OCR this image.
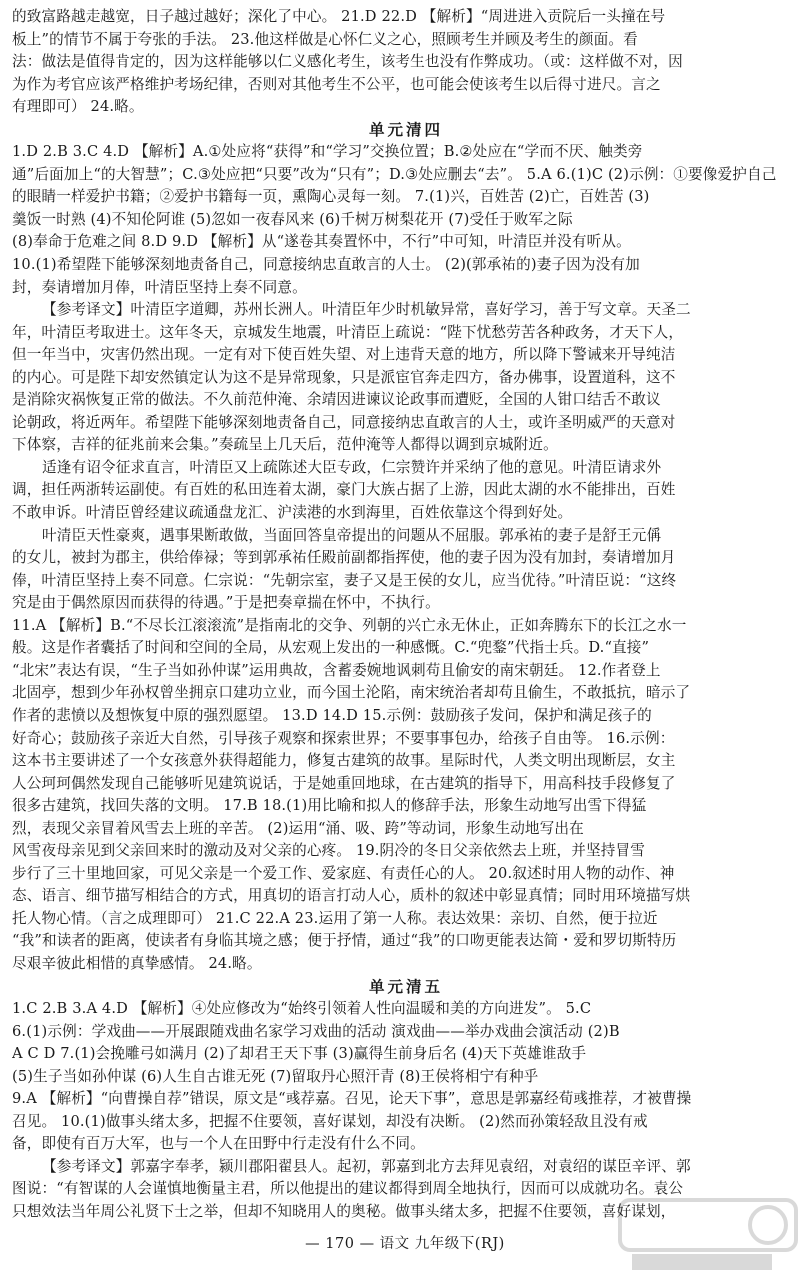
的致富路越走越宽，日子越过越好；深化了中心。 21.D 22.D 【解析】“周进进入贡院后一头撞在号
板上”的情节不属于夸张的手法。 23.他这样做是心怀仁义之心，照顾考生并顾及考生的颜面。看
法：做法是值得肯定的，因为这样能够以仁义感化考生，该考生也没有作弊成功。（或：这样做不对，因
为作为考官应该严格维护考场纪律，否则对其他考生不公平，也可能会使该考生以后得寸进尺。言之
有理即可） 24.略。
单元清四
1.D 2.B 3.C 4.D 【解析】A.①处应将“获得”和“学习”交换位置；B.②处应在“学而不厌、触类旁
通”后面加上“的大智慧”；C.③处应把“只要”改为“只有”；D.③处应删去“去”。 5.A 6.(1)C (2)示例：①要像爱护自己
的眼睛一样爱护书籍；②爱护书籍每一页，熏陶心灵每一刻。 7.(1)兴，百姓苦 (2)亡，百姓苦 (3)
羹饭一时熟 (4)不知伦阿谁 (5)忽如一夜春风来 (6)千树万树梨花开 (7)受任于败军之际
(8)奉命于危难之间 8.D 9.D 【解析】从“遂卷其奏置怀中，不行”中可知，叶清臣并没有听从。
10.(1)希望陛下能够深刻地责备自己，同意接纳忠直敢言的人士。 (2)(郭承祐的)妻子因为没有加
封，奏请增加月俸，叶清臣坚持上奏不同意。
【参考译文】叶清臣字道卿，苏州长洲人。叶清臣年少时机敏异常，喜好学习，善于写文章。天圣二
年，叶清臣考取进士。这年冬天，京城发生地震，叶清臣上疏说：“陛下忧愁劳苦各种政务，才天下人，
但一年当中，灾害仍然出现。一定有对下使百姓失望、对上违背天意的地方，所以降下警诫来开导纯洁
的内心。可是陛下却安然镇定认为这不是异常现象，只是派宦官奔走四方，备办佛事，设置道科，这不
是消除灾祸恢复正常的做法。不久前范仲淹、余靖因进谏议论政事而遭贬，全国的人钳口结舌不敢议
论朝政，将近两年。希望陛下能够深刻地责备自己，同意接纳忠直敢言的人士，或许圣明威严的天意对
下体察，吉祥的征兆前来会集。”奏疏呈上几天后，范仲淹等人都得以调到京城附近。
适逢有诏令征求直言，叶清臣又上疏陈述大臣专政，仁宗赞许并采纳了他的意见。叶清臣请求外
调，担任两浙转运副使。有百姓的私田连着太湖，豪门大族占据了上游，因此太湖的水不能排出，百姓
不敢申诉。叶清臣曾经建议疏通盘龙汇、沪渎港的水到海里，百姓依靠这个得到好处。
叶清臣天性豪爽，遇事果断敢做，当面回答皇帝提出的问题从不屈服。郭承祐的妻子是舒王元偁
的女儿，被封为郡主，供给俸禄；等到郭承祐任殿前副都指挥使，他的妻子因为没有加封，奏请增加月
俸，叶清臣坚持上奏不同意。仁宗说：“先朝宗室，妻子又是王侯的女儿，应当优待。”叶清臣说：“这终
究是由于偶然原因而获得的待遇。”于是把奏章揣在怀中，不执行。
11.A 【解析】B.“不尽长江滚滚流”是指南北的交争、列朝的兴亡永无休止，正如奔腾东下的长江之水一
般。这是作者囊括了时间和空间的全局，从宏观上发出的一种感慨。C.“兜鍪”代指士兵。D.“直接”
“北宋”表达有误，“生子当如孙仲谋”运用典故，含蓄委婉地讽刺苟且偷安的南宋朝廷。 12.作者登上
北固亭，想到少年孙权曾坐拥京口建功立业，而今国土沦陷，南宋统治者却苟且偷生，不敢抵抗，暗示了
作者的悲愤以及想恢复中原的强烈愿望。 13.D 14.D 15.示例：鼓励孩子发问，保护和满足孩子的
好奇心；鼓励孩子亲近大自然，引导孩子观察和探索世界；不要事事包办，给孩子自由等。 16.示例：
这本书主要讲述了一个女孩意外获得超能力，修复古建筑的故事。星际时代，人类文明出现断层，女主
人公珂珂偶然发现自己能够听见建筑说话，于是她重回地球，在古建筑的指导下，用高科技手段修复了
很多古建筑，找回失落的文明。 17.B 18.(1)用比喻和拟人的修辞手法，形象生动地写出雪下得猛
烈，表现父亲冒着风雪去上班的辛苦。 (2)运用“涌、吸、跨”等动词，形象生动地写出在
风雪夜母亲见到父亲回来时的激动及对父亲的心疼。 19.阴冷的冬日父亲依然去上班，并坚持冒雪
步行了三十里地回家，可见父亲是一个爱工作、爱家庭、有责任心的人。 20.叙述时用人物的动作、神
态、语言、细节描写相结合的方式，用真切的语言打动人心，质朴的叙述中彰显真情；同时用环境描写烘
托人物心情。（言之成理即可） 21.C 22.A 23.运用了第一人称。表达效果：亲切、自然，便于拉近
“我”和读者的距离，使读者有身临其境之感；便于抒情，通过“我”的口吻更能表达简・爱和罗切斯特历
尽艰辛彼此相惜的真挚感情。 24.略。
单元清五
1.C 2.B 3.A 4.D 【解析】④处应修改为“始终引领着人性向温暖和美的方向进发”。 5.C
6.(1)示例：学戏曲——开展跟随戏曲名家学习戏曲的活动 演戏曲——举办戏曲会演活动 (2)B
A C D 7.(1)会挽雕弓如满月 (2)了却君王天下事 (3)赢得生前身后名 (4)天下英雄谁敌手
(5)生子当如孙仲谋 (6)人生自古谁无死 (7)留取丹心照汗青 (8)王侯将相宁有种乎
9.A 【解析】“向曹操自荐”错误，原文是“彧荐嘉。召见，论天下事”，意思是郭嘉经荀彧推荐，才被曹操
召见。 10.(1)做事头绪太多，把握不住要领，喜好谋划，却没有决断。 (2)然而孙策轻敌且没有戒
备，即使有百万大军，也与一个人在田野中行走没有什么不同。
【参考译文】郭嘉字奉孝，颍川郡阳翟县人。起初，郭嘉到北方去拜见袁绍，对袁绍的谋臣辛评、郭
图说：“有智谋的人会谨慎地衡量主君，所以他提出的建议都得到周全地执行，因而可以成就功名。袁公
只想效法当年周公礼贤下士之举，但却不知晓用人的奥秘。做事头绪太多，把握不住要领，喜好谋划，
— 170 — 语文 九年级下(RJ)
